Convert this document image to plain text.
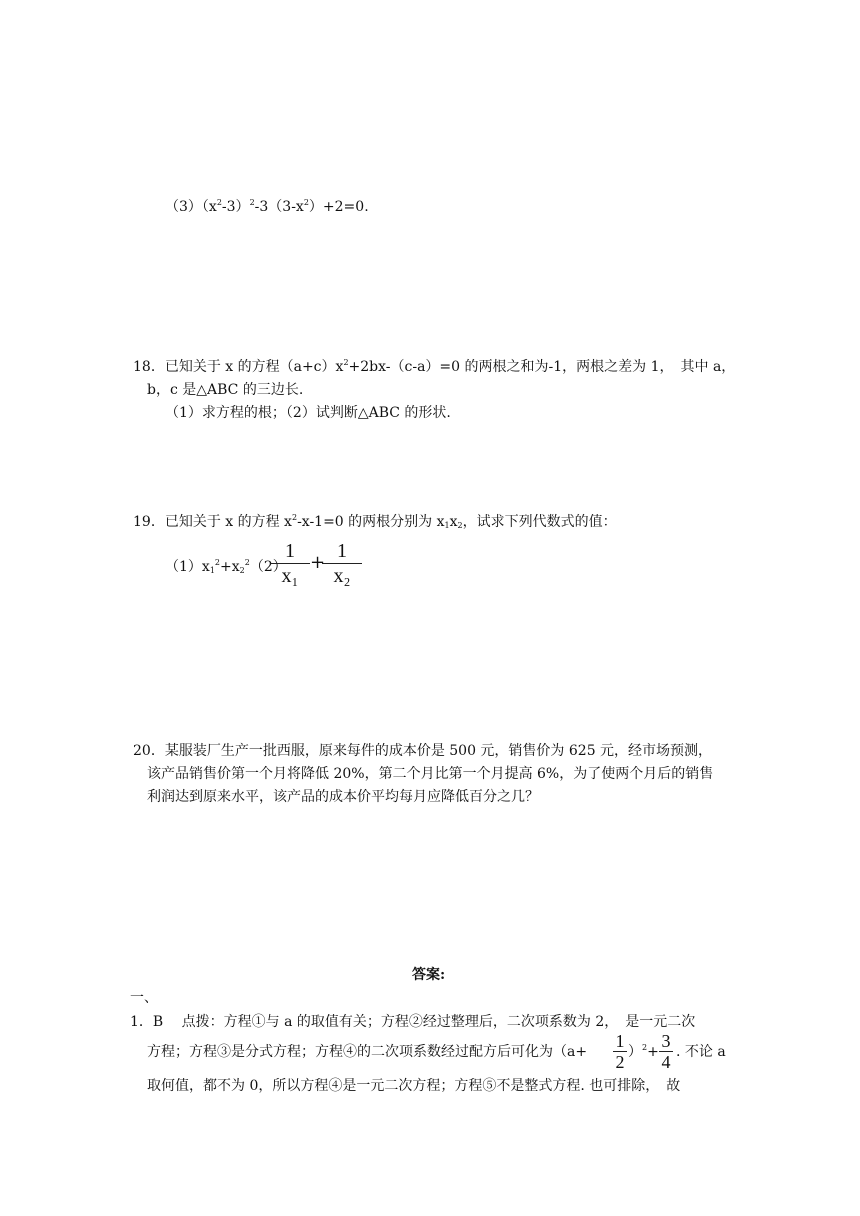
$(3)(x^2-3)^2-3(3-x^2)+2=0$.
18．已知关于 x 的方程$(a+c)x^2+2bx-(c-a)=0$ 的两根之和为-1，两根之差为 1，　其中 a，
b，c 是△ABC 的三边长.
（1）求方程的根；（2）试判断△ABC 的形状.
19．已知关于 x 的方程 $x^2-x-1=0$ 的两根分别为 $x_1x_2$，试求下列代数式的值：
$(1)x_1^2+x_2^2(2)$
1
x₁
+
1
x₂
20．某服装厂生产一批西服，原来每件的成本价是 500 元，销售价为 625 元，经市场预测，
该产品销售价第一个月将降低 20%，第二个月比第一个月提高 6%，为了使两个月后的销售
利润达到原来水平，该产品的成本价平均每月应降低百分之几？
答案:
一、
1．B　 点拨：方程①与 a 的取值有关；方程②经过整理后，二次项系数为 2，　是一元二次
方程；方程③是分式方程；方程④的二次项系数经过配方后可化为（a+
1
2 ）$^2$+
3
4 . 不论 a
取何值，都不为 0，所以方程④是一元二次方程；方程⑤不是整式方程. 也可排除，　故
